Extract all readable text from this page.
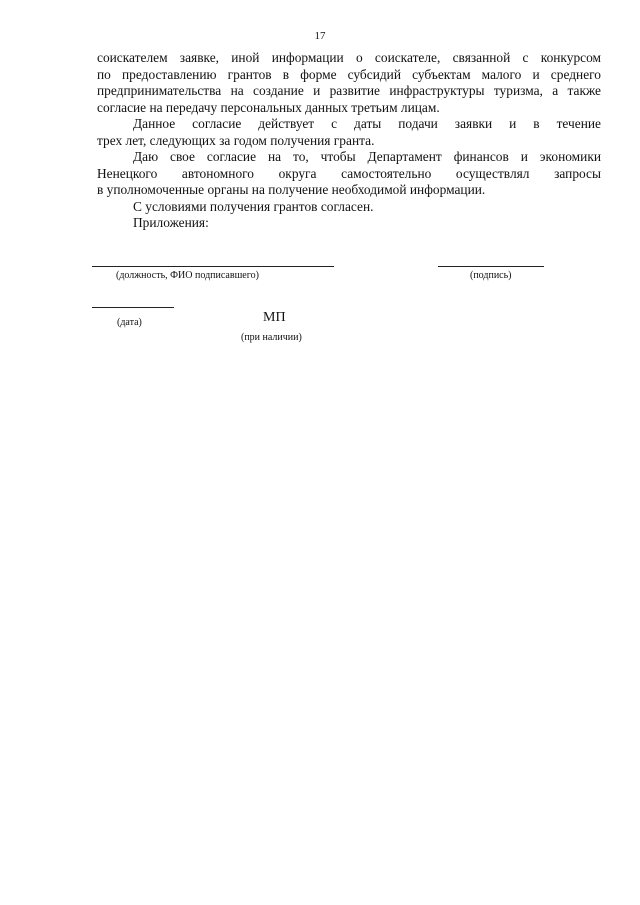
17

соискателем заявке, иной информации о соискателе, связанной с конкурсом
по предоставлению грантов в форме субсидий субъектам малого и среднего
предпринимательства на создание и развитие инфраструктуры туризма, а также
согласие на передачу персональных данных третьим лицам.

Данное согласие действует с даты подачи заявки и в течение
трех лет, следующих за годом получения гранта.

Даю свое согласие на то, чтобы Департамент финансов и экономики
Ненецкого автономного округа самостоятельно осуществлял запросы
в уполномоченные органы на получение необходимой информации.

С условиями получения грантов согласен.

Приложения:

(должность, ФИО подписавшего)	(подпись)
(дата)	МП
(при наличии)
